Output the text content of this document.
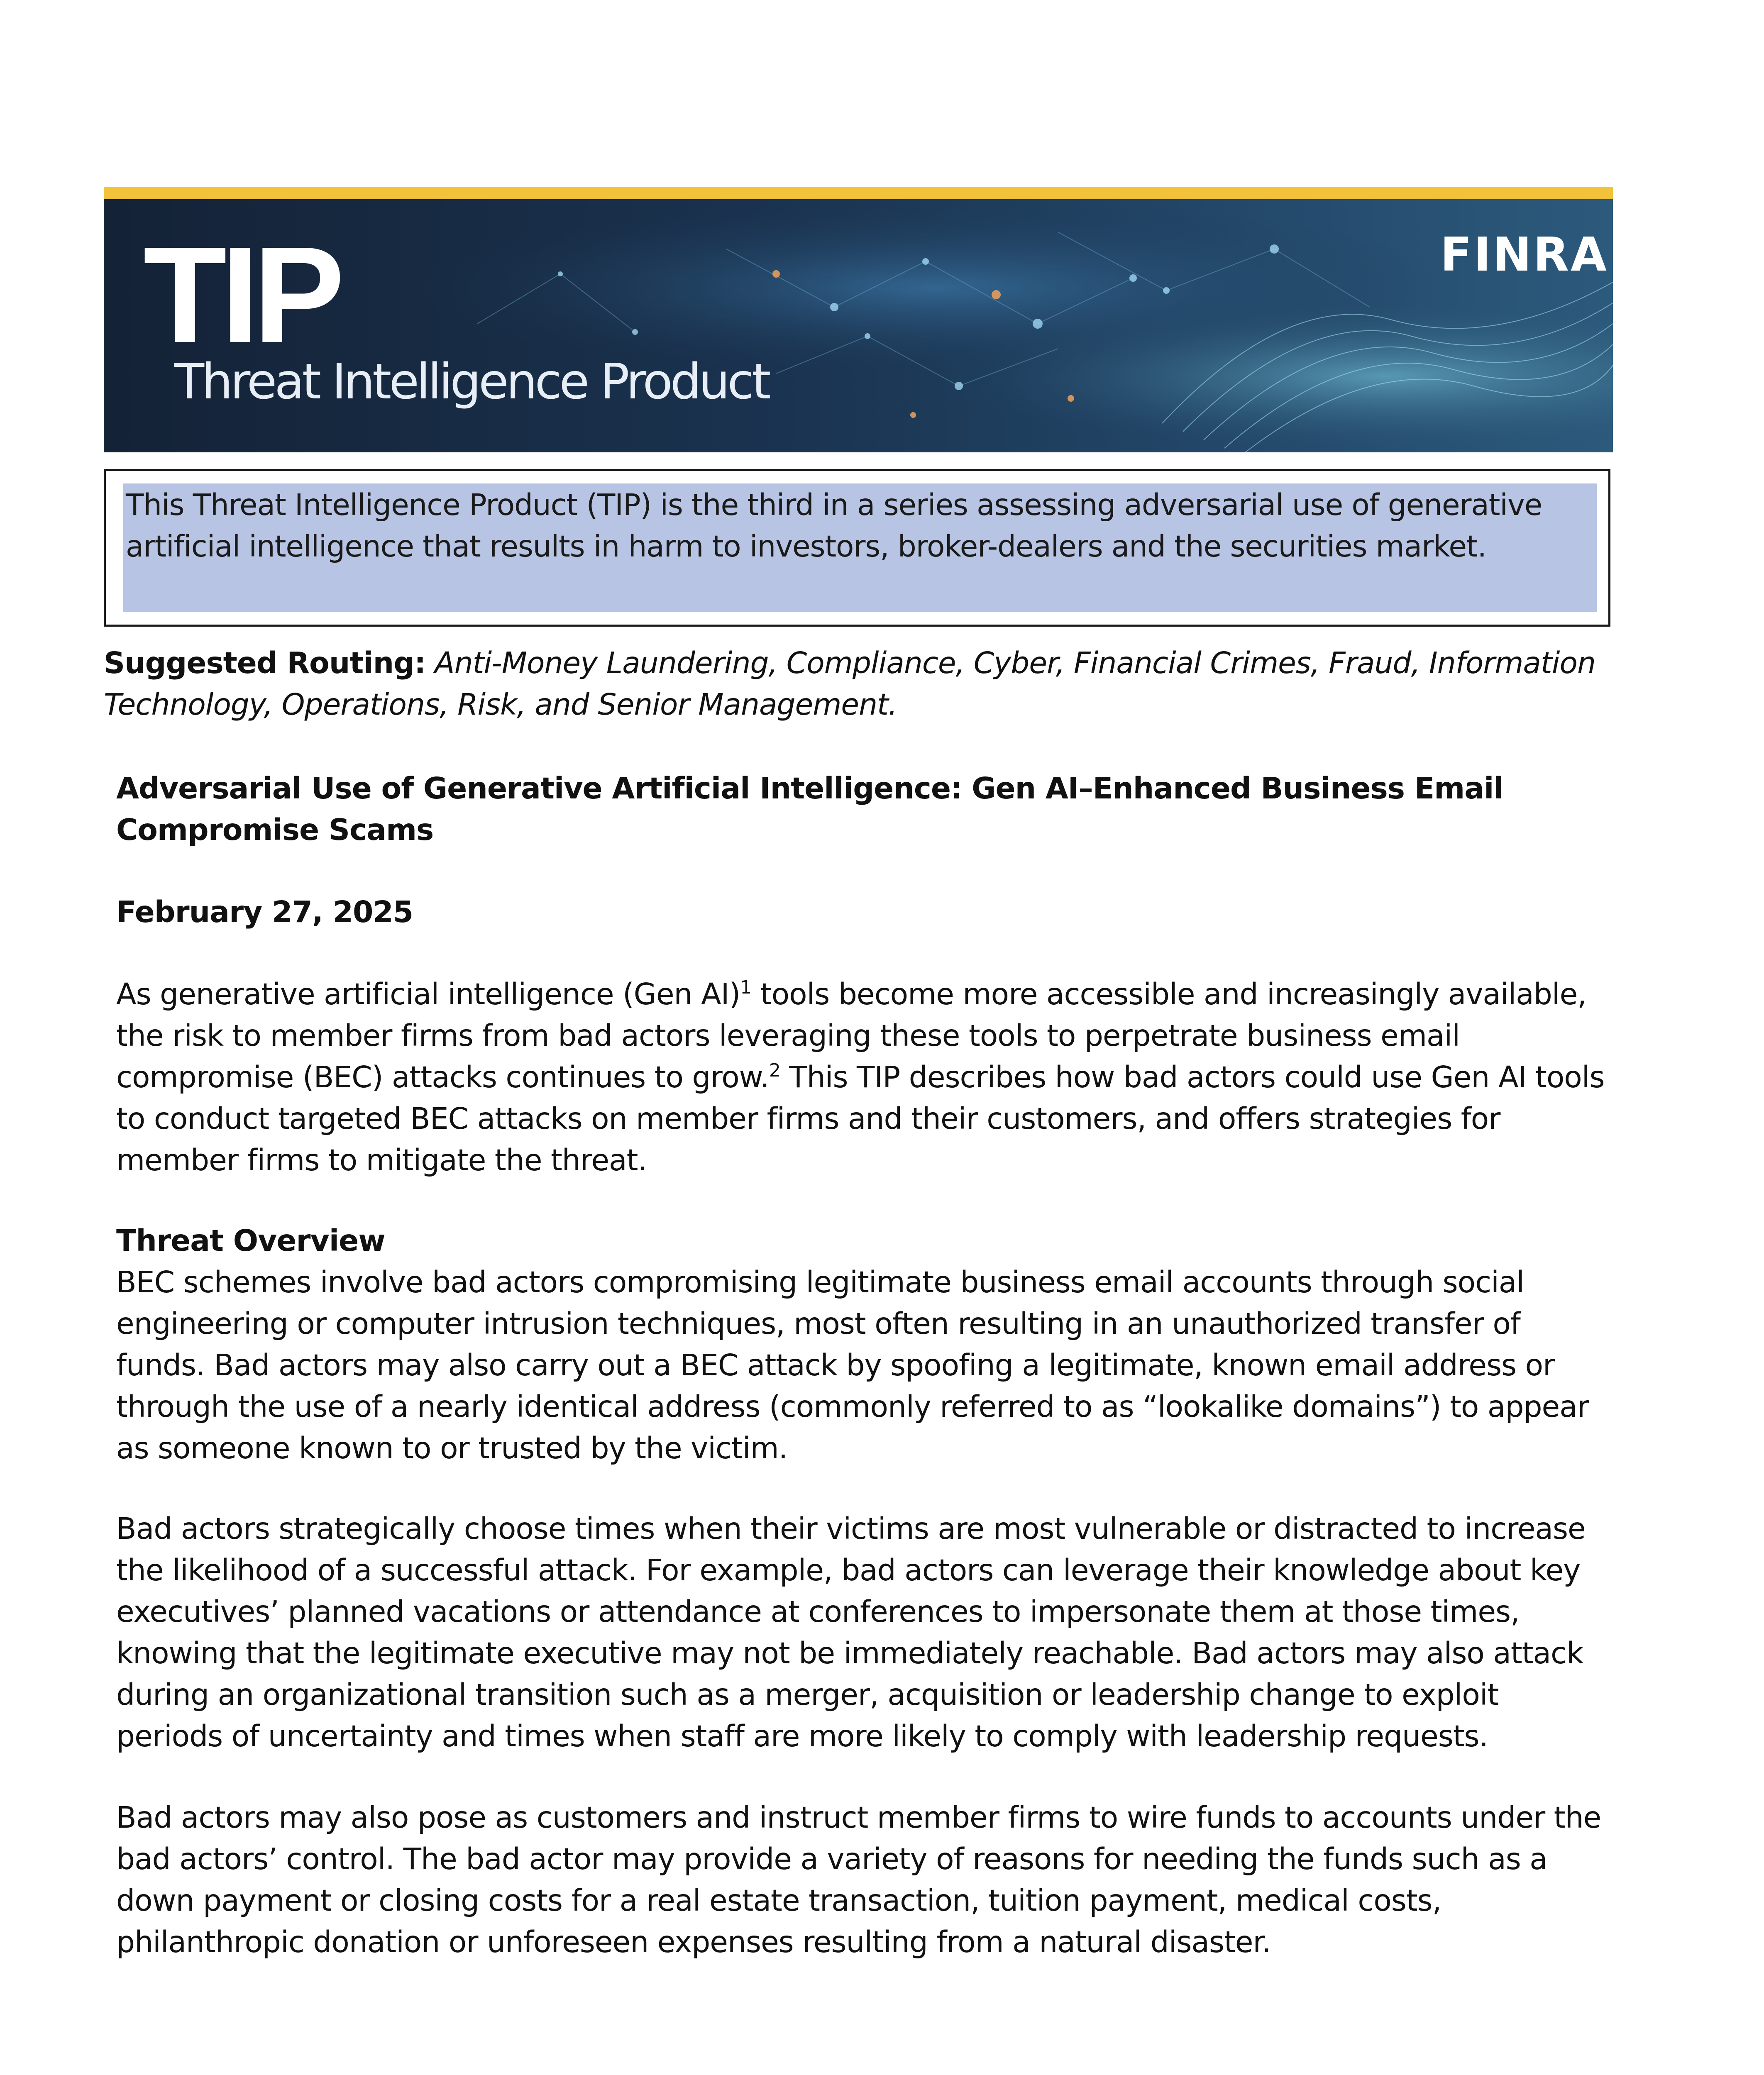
TIP
Threat Intelligence Product
FINRA

This Threat Intelligence Product (TIP) is the third in a series assessing adversarial use of generative artificial intelligence that results in harm to investors, broker-dealers and the securities market.

Suggested Routing: Anti-Money Laundering, Compliance, Cyber, Financial Crimes, Fraud, Information Technology, Operations, Risk, and Senior Management.

Adversarial Use of Generative Artificial Intelligence: Gen AI–Enhanced Business Email Compromise Scams

February 27, 2025

As generative artificial intelligence (Gen AI)$^1$ tools become more accessible and increasingly available, the risk to member firms from bad actors leveraging these tools to perpetrate business email compromise (BEC) attacks continues to grow.$^2$ This TIP describes how bad actors could use Gen AI tools to conduct targeted BEC attacks on member firms and their customers, and offers strategies for member firms to mitigate the threat.

Threat Overview

BEC schemes involve bad actors compromising legitimate business email accounts through social engineering or computer intrusion techniques, most often resulting in an unauthorized transfer of funds. Bad actors may also carry out a BEC attack by spoofing a legitimate, known email address or through the use of a nearly identical address (commonly referred to as “lookalike domains”) to appear as someone known to or trusted by the victim.

Bad actors strategically choose times when their victims are most vulnerable or distracted to increase the likelihood of a successful attack. For example, bad actors can leverage their knowledge about key executives’ planned vacations or attendance at conferences to impersonate them at those times, knowing that the legitimate executive may not be immediately reachable. Bad actors may also attack during an organizational transition such as a merger, acquisition or leadership change to exploit periods of uncertainty and times when staff are more likely to comply with leadership requests.

Bad actors may also pose as customers and instruct member firms to wire funds to accounts under the bad actors’ control. The bad actor may provide a variety of reasons for needing the funds such as a down payment or closing costs for a real estate transaction, tuition payment, medical costs, philanthropic donation or unforeseen expenses resulting from a natural disaster.
